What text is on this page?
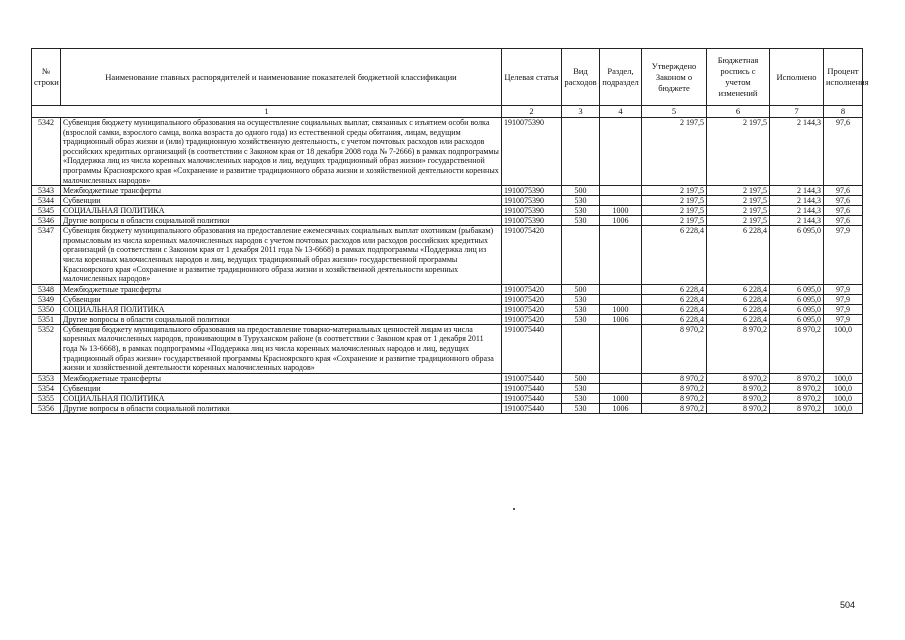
№ строки	Наименование главных распорядителей и наименование показателей бюджетной классификации	Целевая статья	Вид расходов	Раздел, подраздел	Утверждено Законом о бюджете	Бюджетная роспись с учетом изменений	Исполнено	Процент исполнения
1		2	3	4	5	6	7	8
5342	Субвенция бюджету муниципального образования на осуществление социальных выплат, связанных с изъятием особи волка (взрослой самки, взрослого самца, волка возраста до одного года) из естественной среды обитания, лицам, ведущим традиционный образ жизни и (или) традиционную хозяйственную деятельность, с учетом почтовых расходов или расходов российских кредитных организаций (в соответствии с Законом края от 18 декабря 2008 года № 7-2666) в рамках подпрограммы «Поддержка лиц из числа коренных малочисленных народов и лиц, ведущих традиционный образ жизни» государственной программы Красноярского края «Сохранение и развитие традиционного образа жизни и хозяйственной деятельности коренных малочисленных народов»	1910075390			2 197,5	2 197,5	2 144,3	97,6
5343	Межбюджетные трансферты	1910075390	500		2 197,5	2 197,5	2 144,3	97,6
5344	Субвенции	1910075390	530		2 197,5	2 197,5	2 144,3	97,6
5345	СОЦИАЛЬНАЯ ПОЛИТИКА	1910075390	530	1000	2 197,5	2 197,5	2 144,3	97,6
5346	Другие вопросы в области социальной политики	1910075390	530	1006	2 197,5	2 197,5	2 144,3	97,6
5347	Субвенция бюджету муниципального образования на предоставление ежемесячных социальных выплат охотникам (рыбакам) промысловым из числа коренных малочисленных народов с учетом почтовых расходов или расходов российских кредитных организаций (в соответствии с Законом края от 1 декабря 2011 года № 13-6668) в рамках подпрограммы «Поддержка лиц из числа коренных малочисленных народов и лиц, ведущих традиционный образ жизни» государственной программы Красноярского края «Сохранение и развитие традиционного образа жизни и хозяйственной деятельности коренных малочисленных народов»	1910075420			6 228,4	6 228,4	6 095,0	97,9
5348	Межбюджетные трансферты	1910075420	500		6 228,4	6 228,4	6 095,0	97,9
5349	Субвенции	1910075420	530		6 228,4	6 228,4	6 095,0	97,9
5350	СОЦИАЛЬНАЯ ПОЛИТИКА	1910075420	530	1000	6 228,4	6 228,4	6 095,0	97,9
5351	Другие вопросы в области социальной политики	1910075420	530	1006	6 228,4	6 228,4	6 095,0	97,9
5352	Субвенция бюджету муниципального образования на предоставление товарно-материальных ценностей лицам из числа коренных малочисленных народов, проживающим в Туруханском районе (в соответствии с Законом края от 1 декабря 2011 года № 13-6668), в рамках подпрограммы «Поддержка лиц из числа коренных малочисленных народов и лиц, ведущих традиционный образ жизни» государственной программы Красноярского края «Сохранение и развитие традиционного образа жизни и хозяйственной деятельности коренных малочисленных народов»	1910075440			8 970,2	8 970,2	8 970,2	100,0
5353	Межбюджетные трансферты	1910075440	500		8 970,2	8 970,2	8 970,2	100,0
5354	Субвенции	1910075440	530		8 970,2	8 970,2	8 970,2	100,0
5355	СОЦИАЛЬНАЯ ПОЛИТИКА	1910075440	530	1000	8 970,2	8 970,2	8 970,2	100,0
5356	Другие вопросы в области социальной политики	1910075440	530	1006	8 970,2	8 970,2	8 970,2	100,0
504
